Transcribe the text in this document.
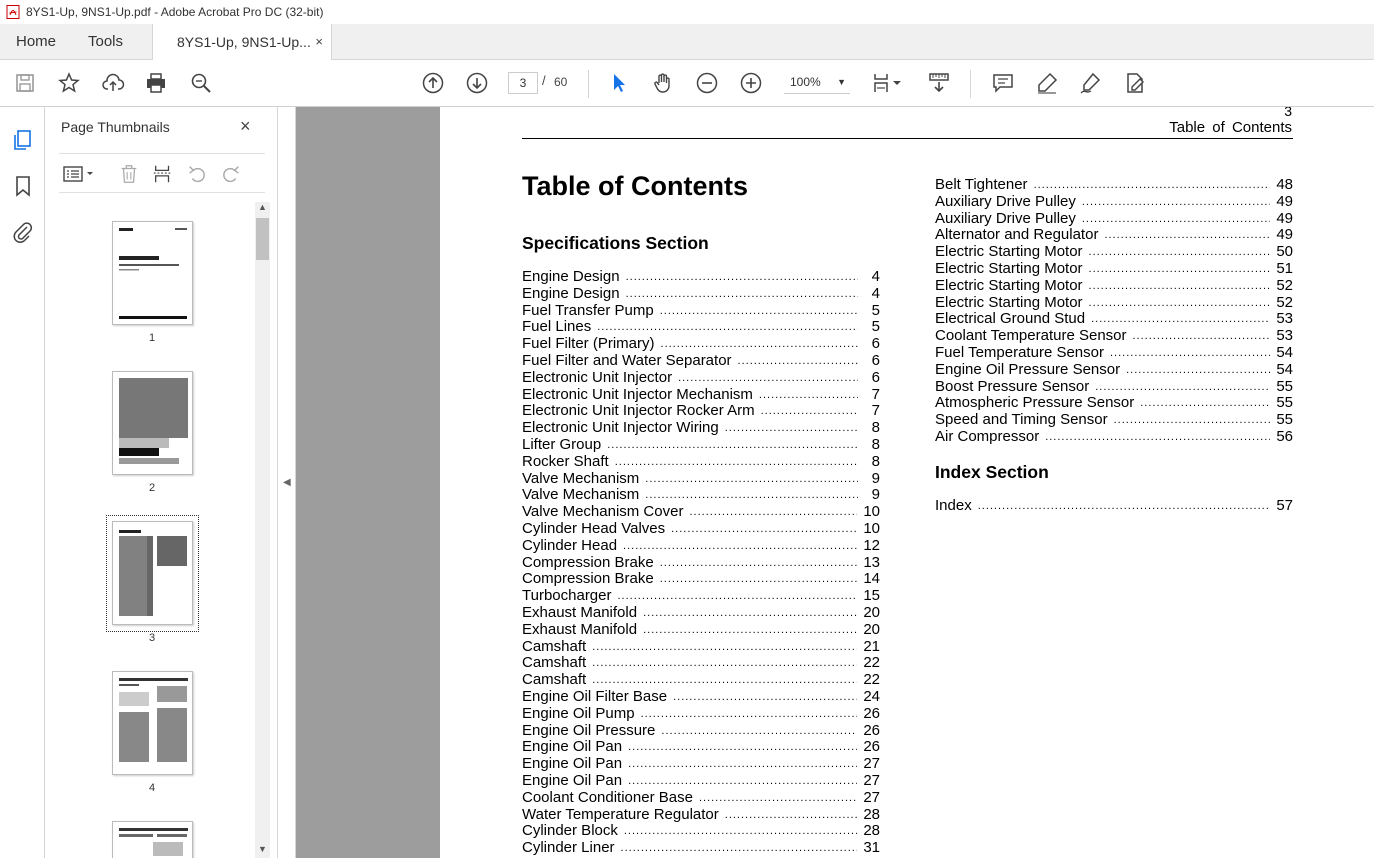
8YS1-Up, 9NS1-Up.pdf - Adobe Acrobat Pro DC (32-bit)
Home Tools	8YS1-Up, 9NS1-Up... ×
3	/ 60	100% ▼
Page Thumbnails	×
1
2
3
4
▲
▼
◀
3
Table of Contents
Table of Contents
Specifications Section
Engine Design .....	4
Engine Design .....	4
Fuel Transfer Pump .....	5
Fuel Lines .....	5
Fuel Filter (Primary) .....	6
Fuel Filter and Water Separator .....	6
Electronic Unit Injector .....	6
Electronic Unit Injector Mechanism .....	7
Electronic Unit Injector Rocker Arm .....	7
Electronic Unit Injector Wiring .....	8
Lifter Group .....	8
Rocker Shaft .....	8
Valve Mechanism .....	9
Valve Mechanism .....	9
Valve Mechanism Cover .....	10
Cylinder Head Valves .....	10
Cylinder Head .....	12
Compression Brake .....	13
Compression Brake .....	14
Turbocharger .....	15
Exhaust Manifold .....	20
Exhaust Manifold .....	20
Camshaft .....	21
Camshaft .....	22
Camshaft .....	22
Engine Oil Filter Base .....	24
Engine Oil Pump .....	26
Engine Oil Pressure .....	26
Engine Oil Pan .....	26
Engine Oil Pan .....	27
Engine Oil Pan .....	27
Coolant Conditioner Base .....	27
Water Temperature Regulator .....	28
Cylinder Block .....	28
Cylinder Liner .....	31
Belt Tightener .....	48
Auxiliary Drive Pulley .....	49
Auxiliary Drive Pulley .....	49
Alternator and Regulator .....	49
Electric Starting Motor .....	50
Electric Starting Motor .....	51
Electric Starting Motor .....	52
Electric Starting Motor .....	52
Electrical Ground Stud .....	53
Coolant Temperature Sensor .....	53
Fuel Temperature Sensor .....	54
Engine Oil Pressure Sensor .....	54
Boost Pressure Sensor .....	55
Atmospheric Pressure Sensor .....	55
Speed and Timing Sensor .....	55
Air Compressor .....	56
Index Section
Index .....	57
